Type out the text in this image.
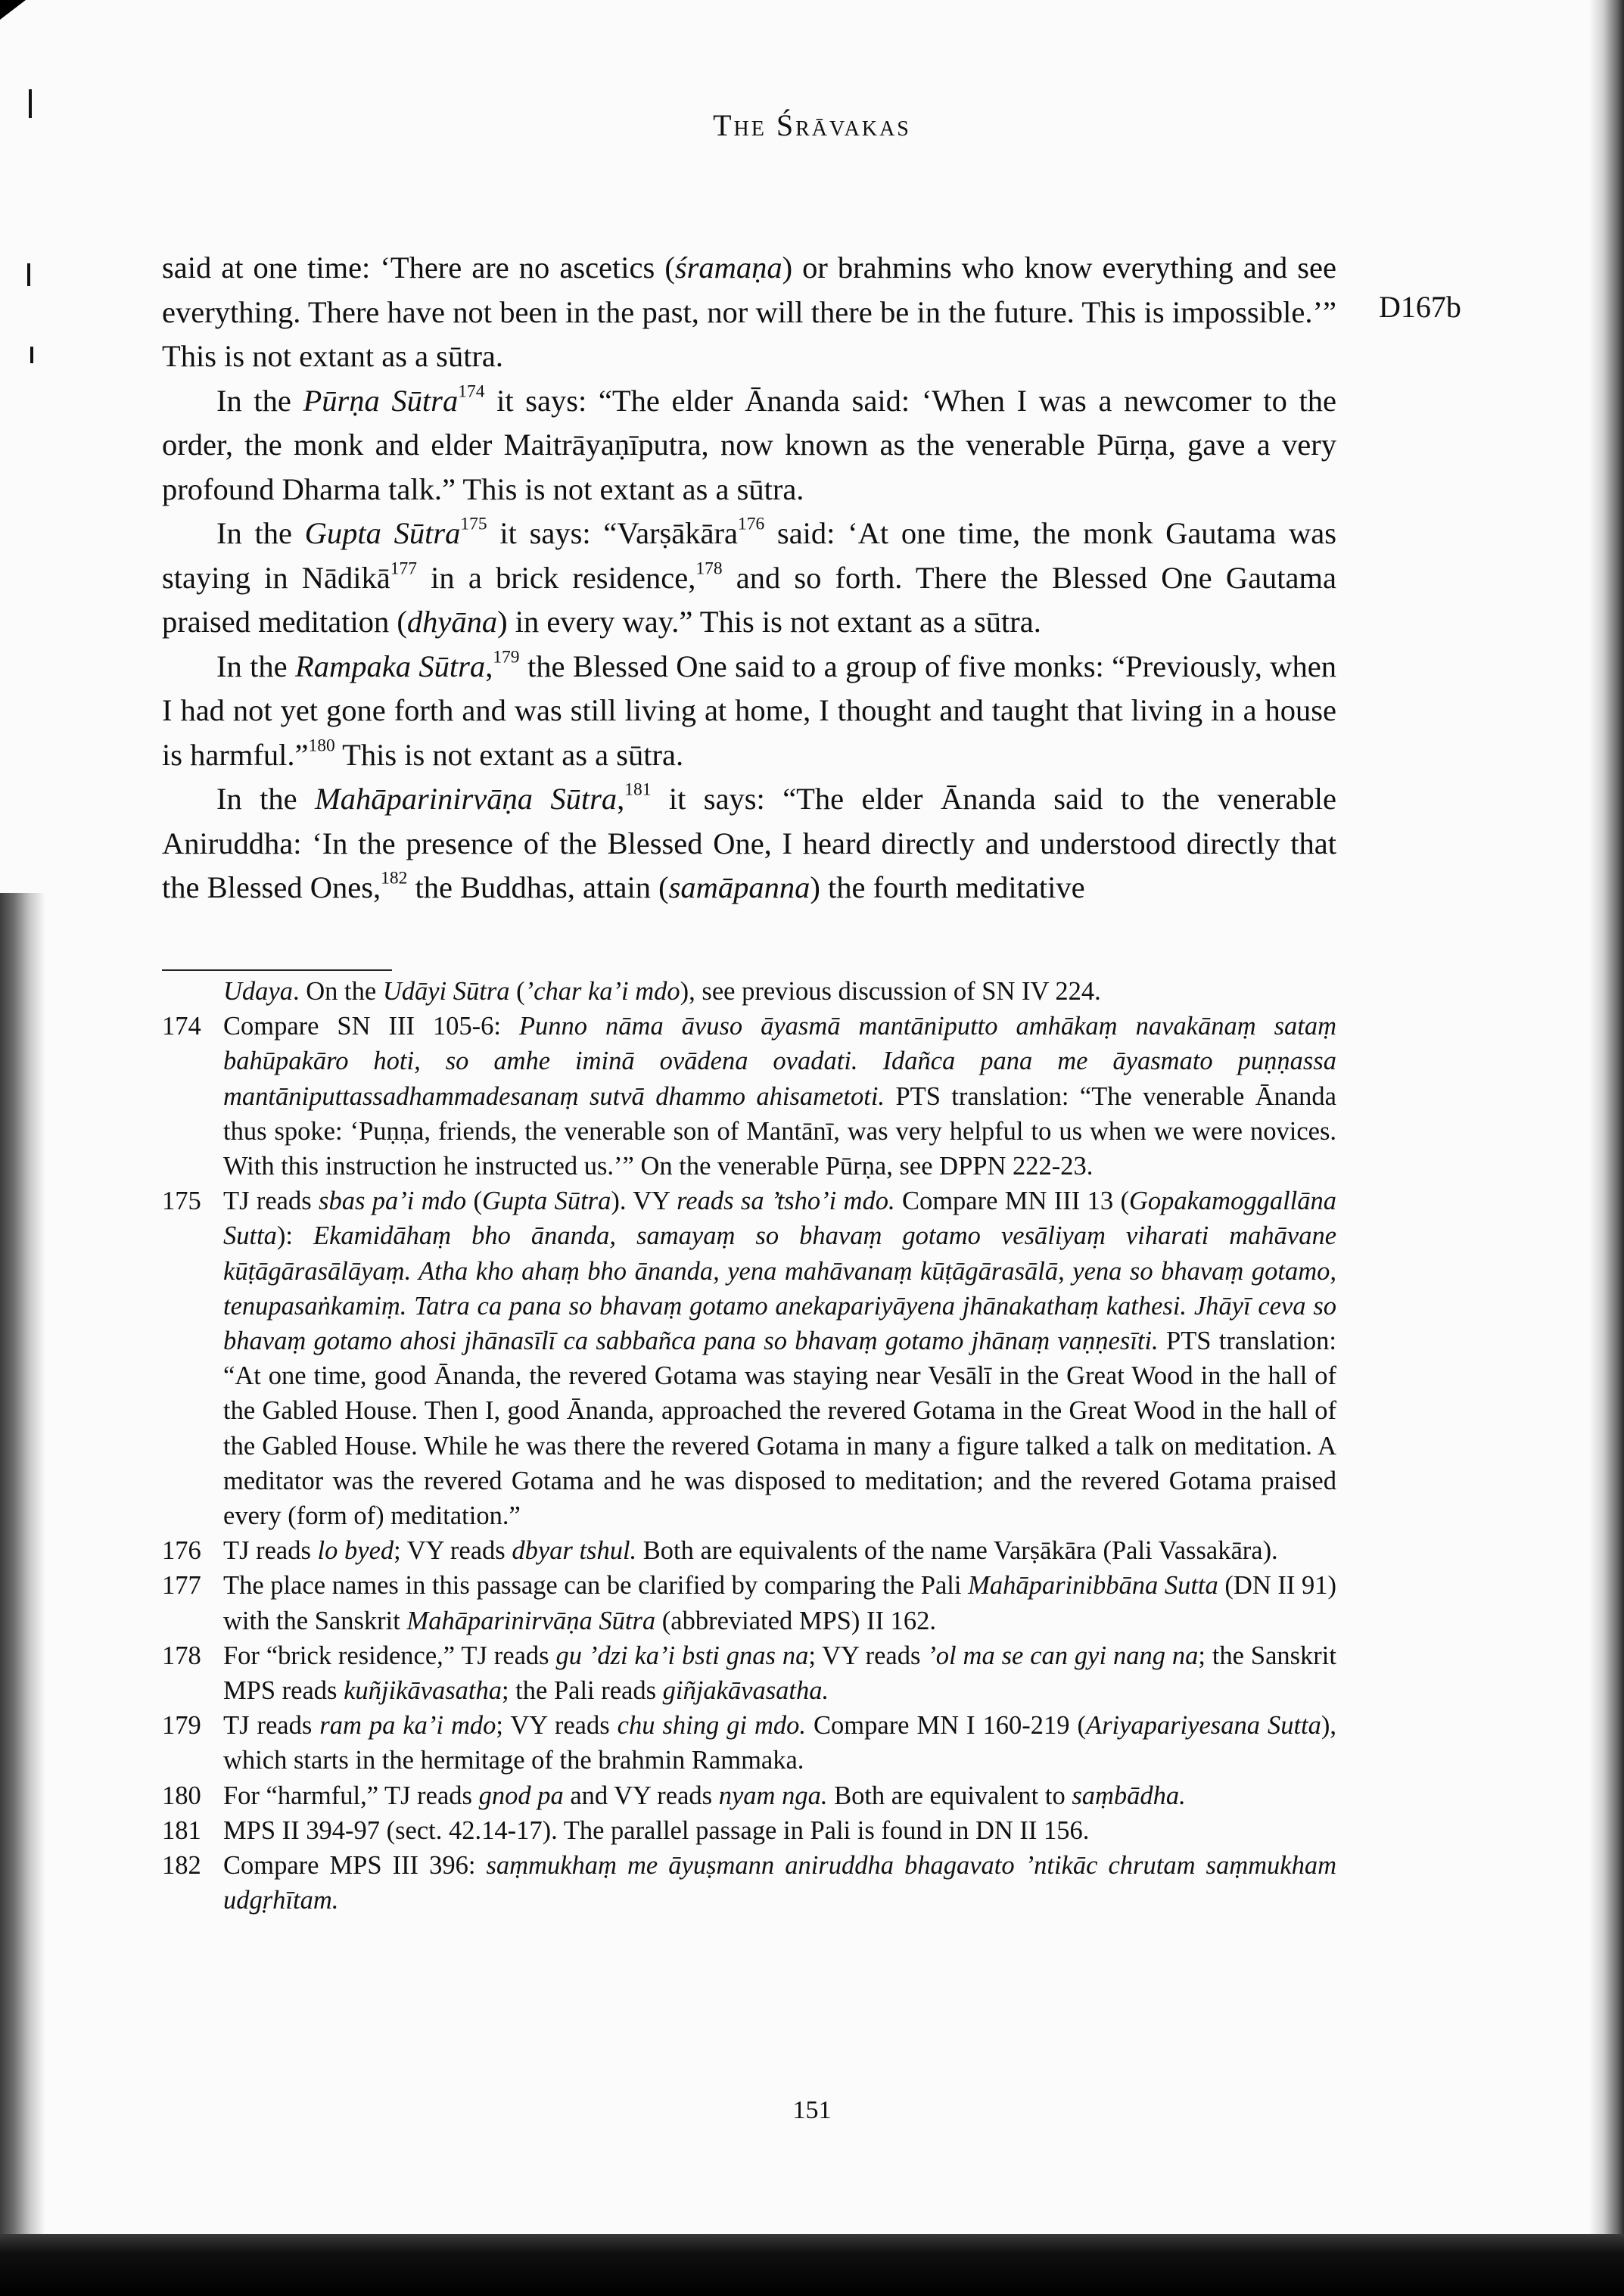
The Śrāvakas
D167b

said at one time: ‘There are no ascetics (śramaṇa) or brahmins who know everything and see everything. There have not been in the past, nor will there be in the future. This is impossible.’” This is not extant as a sūtra.

In the Pūrṇa Sūtra$^{174}$ it says: “The elder Ānanda said: ‘When I was a newcomer to the order, the monk and elder Maitrāyaṇīputra, now known as the venerable Pūrṇa, gave a very profound Dharma talk.” This is not extant as a sūtra.

In the Gupta Sūtra$^{175}$ it says: “Varṣākāra$^{176}$ said: ‘At one time, the monk Gautama was staying in Nādikā$^{177}$ in a brick residence,$^{178}$ and so forth. There the Blessed One Gautama praised meditation (dhyāna) in every way.” This is not extant as a sūtra.

In the Rampaka Sūtra,$^{179}$ the Blessed One said to a group of five monks: “Previously, when I had not yet gone forth and was still living at home, I thought and taught that living in a house is harmful.”$^{180}$ This is not extant as a sūtra.

In the Mahāparinirvāṇa Sūtra,$^{181}$ it says: “The elder Ānanda said to the venerable Aniruddha: ‘In the presence of the Blessed One, I heard directly and understood directly that the Blessed Ones,$^{182}$ the Buddhas, attain (samāpanna) the fourth meditative

Udaya. On the Udāyi Sūtra (’char ka’i mdo), see previous discussion of SN IV 224.
174 Compare SN III 105-6: Punno nāma āvuso āyasmā mantāniputto amhākaṃ navakānaṃ sataṃ bahūpakāro hoti, so amhe iminā ovādena ovadati. Idañca pana me āyasmato puṇṇassa mantāniputtassadhammadesanaṃ sutvā dhammo ahisametoti. PTS translation: “The venerable Ānanda thus spoke: ‘Puṇṇa, friends, the venerable son of Mantānī, was very helpful to us when we were novices. With this instruction he instructed us.’” On the venerable Pūrṇa, see DPPN 222-23.
175 TJ reads sbas pa’i mdo (Gupta Sūtra). VY reads sa ’tsho’i mdo. Compare MN III 13 (Gopakamoggallāna Sutta): Ekamidāhaṃ bho ānanda, samayaṃ so bhavaṃ gotamo vesāliyaṃ viharati mahāvane kūṭāgārasālāyaṃ. Atha kho ahaṃ bho ānanda, yena mahāvanaṃ kūṭāgārasālā, yena so bhavaṃ gotamo, tenupasaṅkamiṃ. Tatra ca pana so bhavaṃ gotamo anekapariyāyena jhānakathaṃ kathesi. Jhāyī ceva so bhavaṃ gotamo ahosi jhānasīlī ca sabbañca pana so bhavaṃ gotamo jhānaṃ vaṇṇesīti. PTS translation: “At one time, good Ānanda, the revered Gotama was staying near Vesālī in the Great Wood in the hall of the Gabled House. Then I, good Ānanda, approached the revered Gotama in the Great Wood in the hall of the Gabled House. While he was there the revered Gotama in many a figure talked a talk on meditation. A meditator was the revered Gotama and he was disposed to meditation; and the revered Gotama praised every (form of) meditation.”
176 TJ reads lo byed; VY reads dbyar tshul. Both are equivalents of the name Varṣākāra (Pali Vassakāra).
177 The place names in this passage can be clarified by comparing the Pali Mahāparinibbāna Sutta (DN II 91) with the Sanskrit Mahāparinirvāṇa Sūtra (abbreviated MPS) II 162.
178 For “brick residence,” TJ reads gu ’dzi ka’i bsti gnas na; VY reads ’ol ma se can gyi nang na; the Sanskrit MPS reads kuñjikāvasatha; the Pali reads giñjakāvasatha.
179 TJ reads ram pa ka’i mdo; VY reads chu shing gi mdo. Compare MN I 160-219 (Ariyapariyesana Sutta), which starts in the hermitage of the brahmin Rammaka.
180 For “harmful,” TJ reads gnod pa and VY reads nyam nga. Both are equivalent to saṃbādha.
181 MPS II 394-97 (sect. 42.14-17). The parallel passage in Pali is found in DN II 156.
182 Compare MPS III 396: saṃmukhaṃ me āyuṣmann aniruddha bhagavato ’ntikāc chrutam saṃmukham udgṛhītam.
151
